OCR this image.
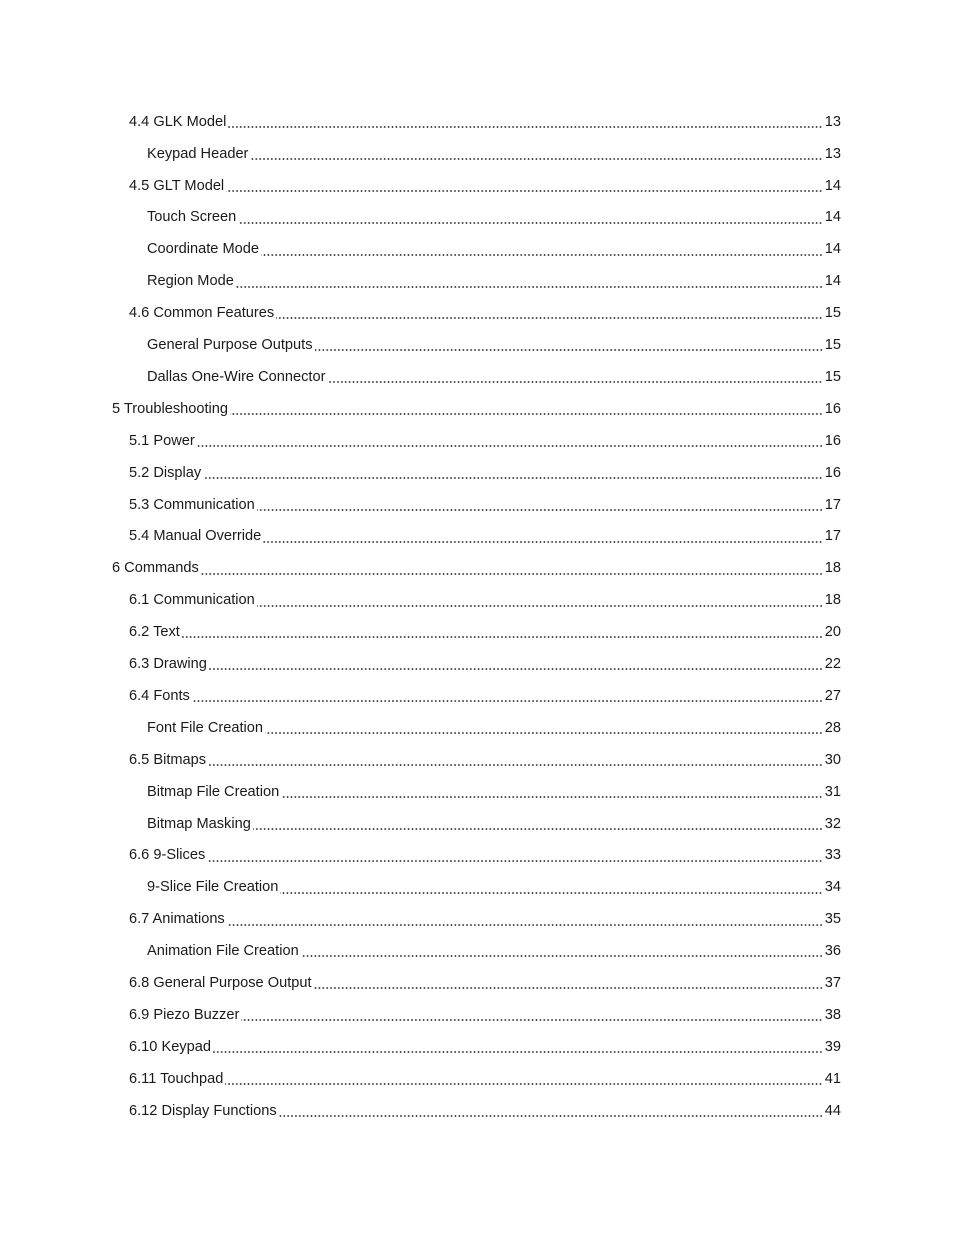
4.4 GLK Model	13
Keypad Header	13
4.5 GLT Model	14
Touch Screen	14
Coordinate Mode	14
Region Mode	14
4.6 Common Features	15
General Purpose Outputs	15
Dallas One-Wire Connector	15
5 Troubleshooting	16
5.1 Power	16
5.2 Display	16
5.3 Communication	17
5.4 Manual Override	17
6 Commands	18
6.1 Communication	18
6.2 Text	20
6.3 Drawing	22
6.4 Fonts	27
Font File Creation	28
6.5 Bitmaps	30
Bitmap File Creation	31
Bitmap Masking	32
6.6 9-Slices	33
9-Slice File Creation	34
6.7 Animations	35
Animation File Creation	36
6.8 General Purpose Output	37
6.9 Piezo Buzzer	38
6.10 Keypad	39
6.11 Touchpad	41
6.12 Display Functions	44
